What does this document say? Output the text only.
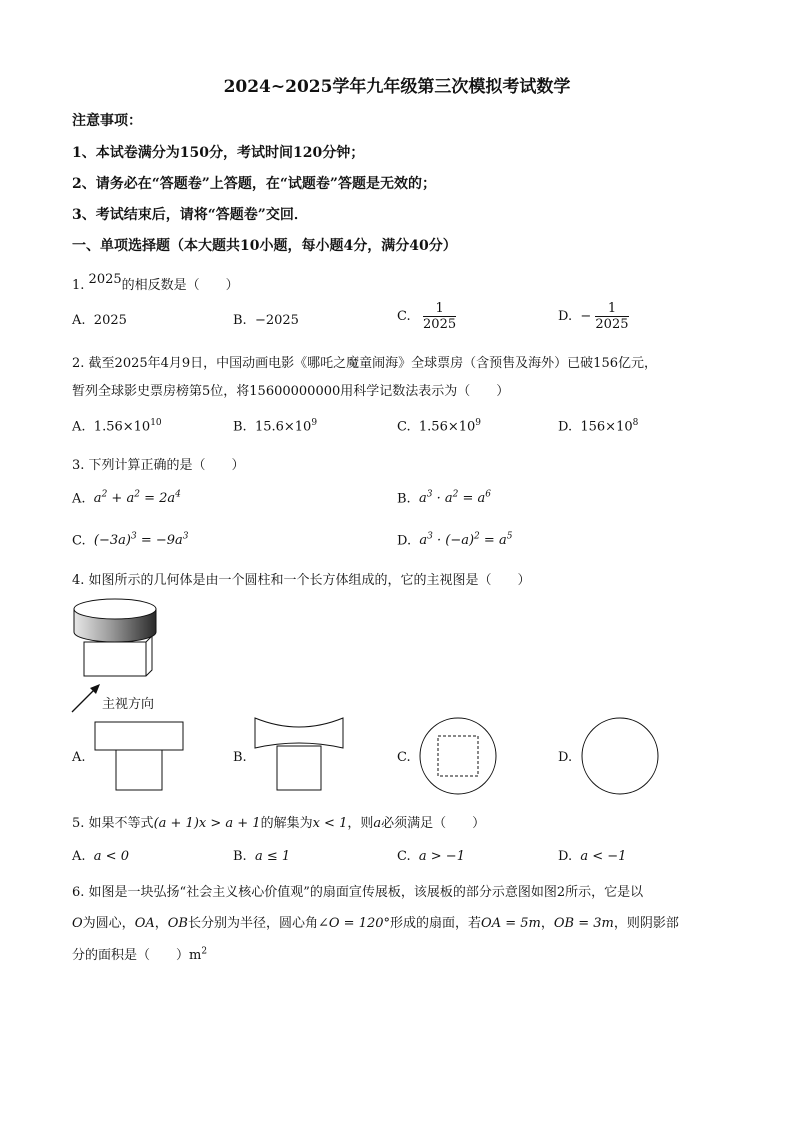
2024~2025学年九年级第三次模拟考试数学
注意事项：
1、本试卷满分为150分，考试时间120分钟；
2、请务必在“答题卷”上答题，在“试题卷”答题是无效的；
3、考试结束后，请将“答题卷”交回．
一、单项选择题（本大题共10小题，每小题4分，满分40分）
1. 2025的相反数是（　　）
A. 2025	B. −2025	C. $\frac{1}{2025}$	D. − $\frac{1}{2025}$
2. 截至2025年4月9日，中国动画电影《哪吒之魔童闹海》全球票房（含预售及海外）已破156亿元，
暂列全球影史票房榜第5位，将15600000000用科学记数法表示为（　　）
A. $1.56\times 10^{10}$	B. $15.6\times 10^9$	C. $1.56\times 10^9$	D. $156\times 10^8$
3. 下列计算正确的是（　　）
A. $a^2 + a^2 = 2a^4$	B. $a^3 \cdot a^2 = a^6$
C. $(-3a)^3 = -9a^3$	D. $a^3 \cdot (-a)^2 = a^5$
4. 如图所示的几何体是由一个圆柱和一个长方体组成的，它的主视图是（　　）
主视方向
A.	B.	C.	D.
5. 如果不等式(a + 1)x > a + 1的解集为x < 1，则a必须满足（　　）
A. a < 0	B. a ≤ 1	C. a > −1	D. a < −1
6. 如图是一块弘扬“社会主义核心价值观”的扇面宣传展板，该展板的部分示意图如图2所示，它是以
O为圆心，OA，OB长分别为半径，圆心角∠O = 120°形成的扇面，若OA = 5m，OB = 3m，则阴影部
分的面积是（　　）$m^2$
